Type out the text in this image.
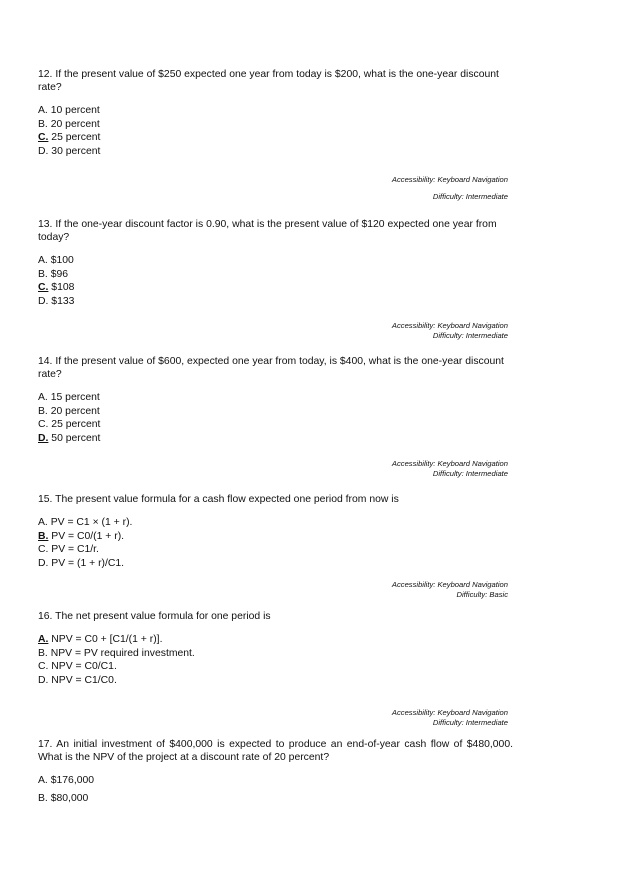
12. If the present value of $250 expected one year from today is $200, what is the one-year discount rate?

A. 10 percent

B. 20 percent

C. 25 percent

D. 30 percent

Accessibility: Keyboard Navigation
Difficulty: Intermediate

13. If the one-year discount factor is 0.90, what is the present value of $120 expected one year from today?

A. $100

B. $96

C. $108

D. $133

Accessibility: Keyboard Navigation
Difficulty: Intermediate

14. If the present value of $600, expected one year from today, is $400, what is the one-year discount rate?

A. 15 percent

B. 20 percent

C. 25 percent

D. 50 percent

Accessibility: Keyboard Navigation
Difficulty: Intermediate

15. The present value formula for a cash flow expected one period from now is

A. PV = C1 × (1 + r).

B. PV = C0/(1 + r).

C. PV = C1/r.

D. PV = (1 + r)/C1.

Accessibility: Keyboard Navigation
Difficulty: Basic

16. The net present value formula for one period is

A. NPV = C0 + [C1/(1 + r)].

B. NPV = PV required investment.

C. NPV = C0/C1.

D. NPV = C1/C0.

Accessibility: Keyboard Navigation
Difficulty: Intermediate

17. An initial investment of $400,000 is expected to produce an end-of-year cash flow of $480,000. What is the NPV of the project at a discount rate of 20 percent?

A. $176,000

B. $80,000
